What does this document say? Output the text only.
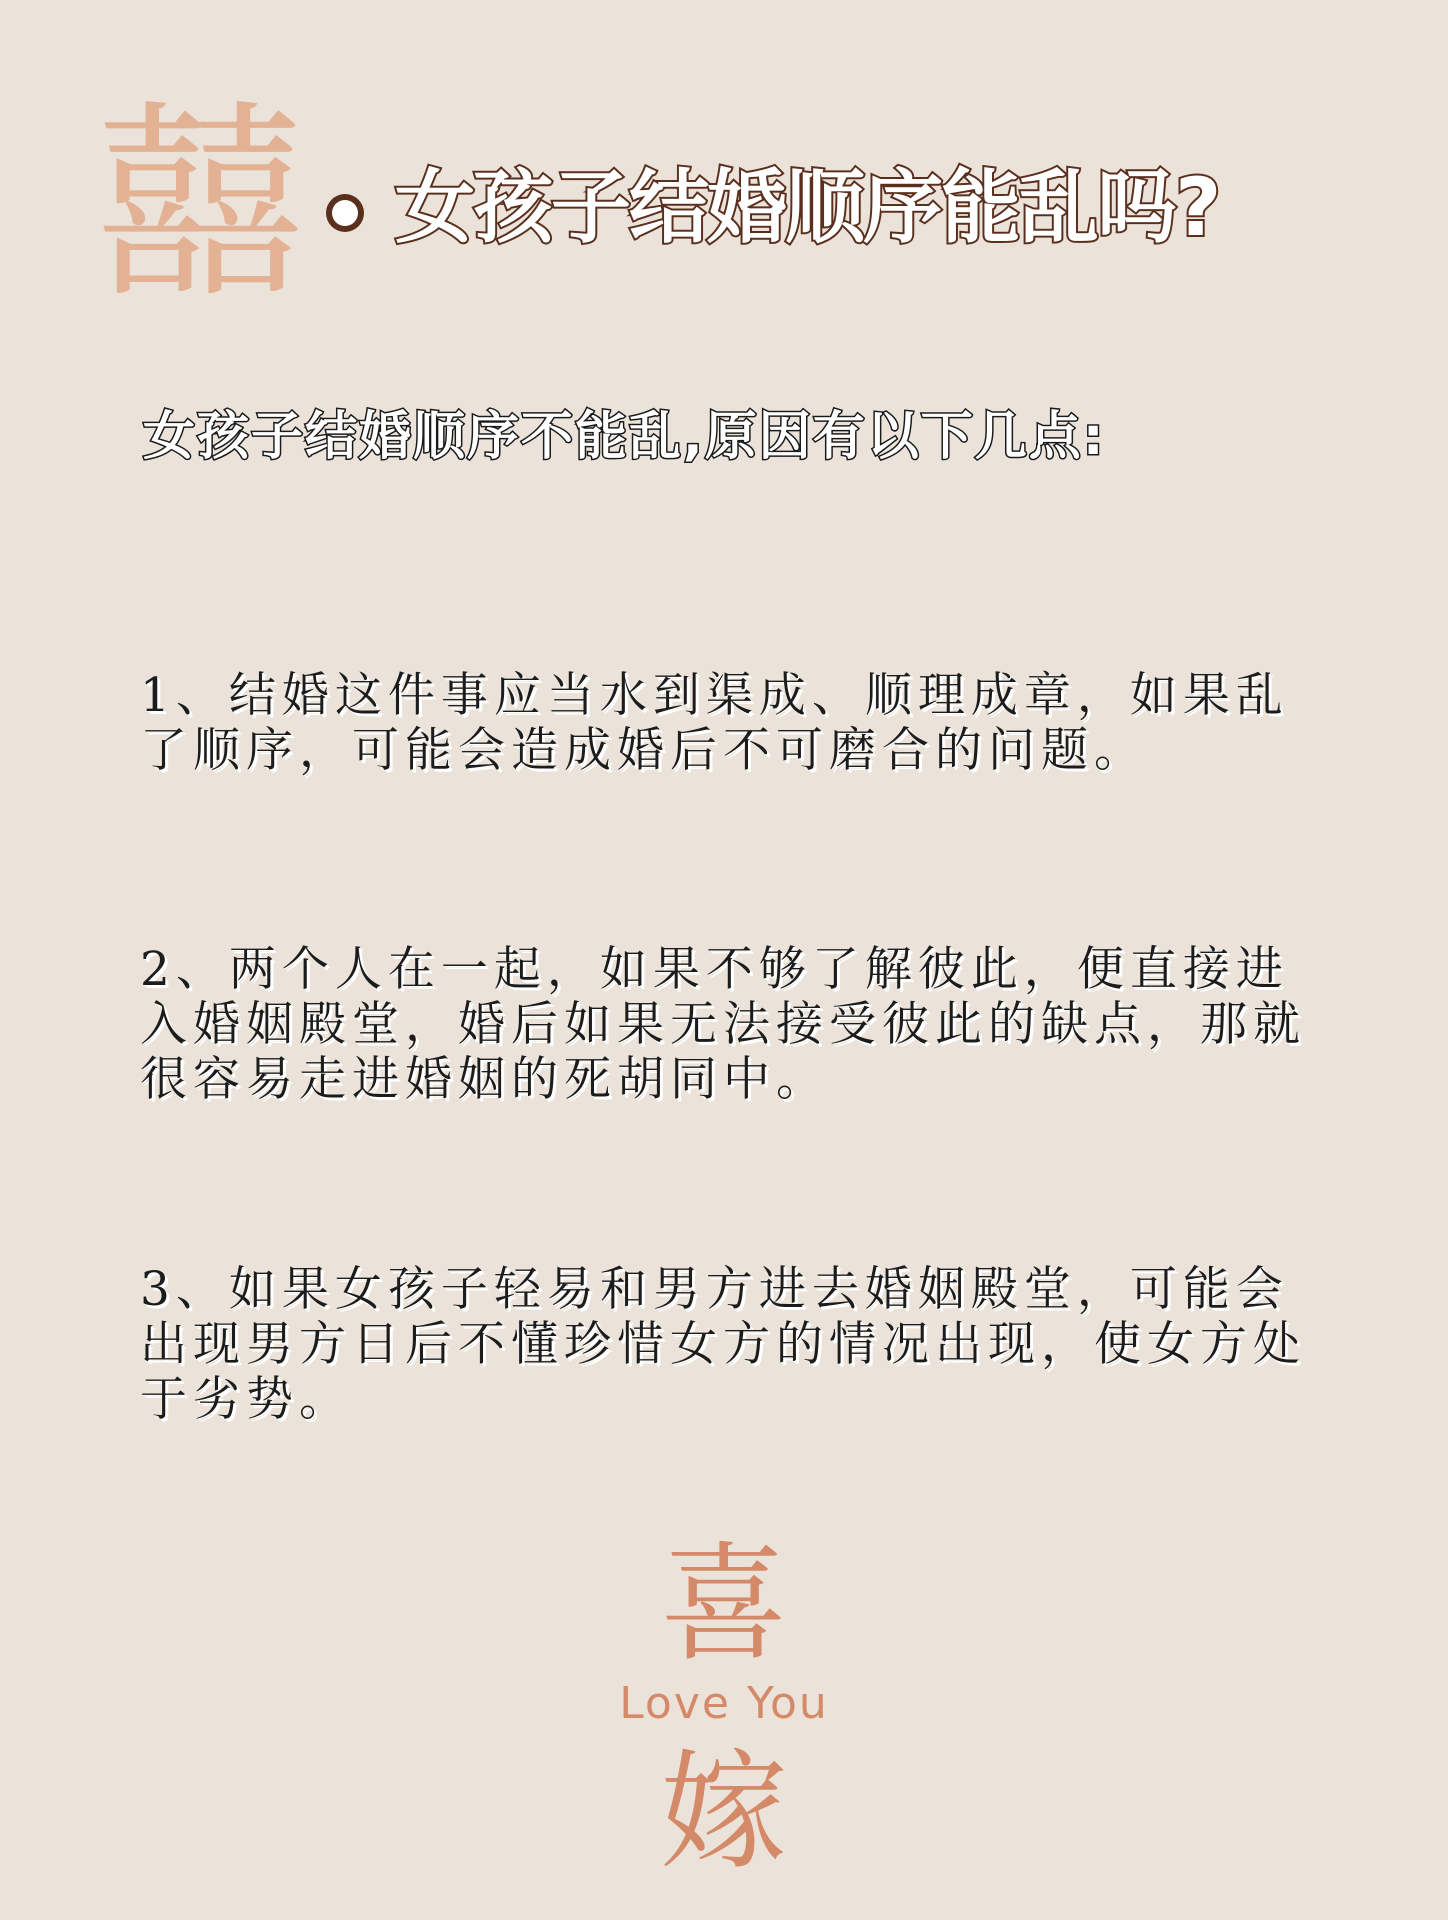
囍 女孩子结婚顺序能乱吗?
女孩子结婚顺序不能乱,原因有以下几点:

1、结婚这件事应当水到渠成、顺理成章，如果乱了顺序，可能会造成婚后不可磨合的问题。

2、两个人在一起，如果不够了解彼此，便直接进入婚姻殿堂，婚后如果无法接受彼此的缺点，那就很容易走进婚姻的死胡同中。

3、如果女孩子轻易和男方进去婚姻殿堂，可能会出现男方日后不懂珍惜女方的情况出现，使女方处于劣势。

喜
Love You
嫁
